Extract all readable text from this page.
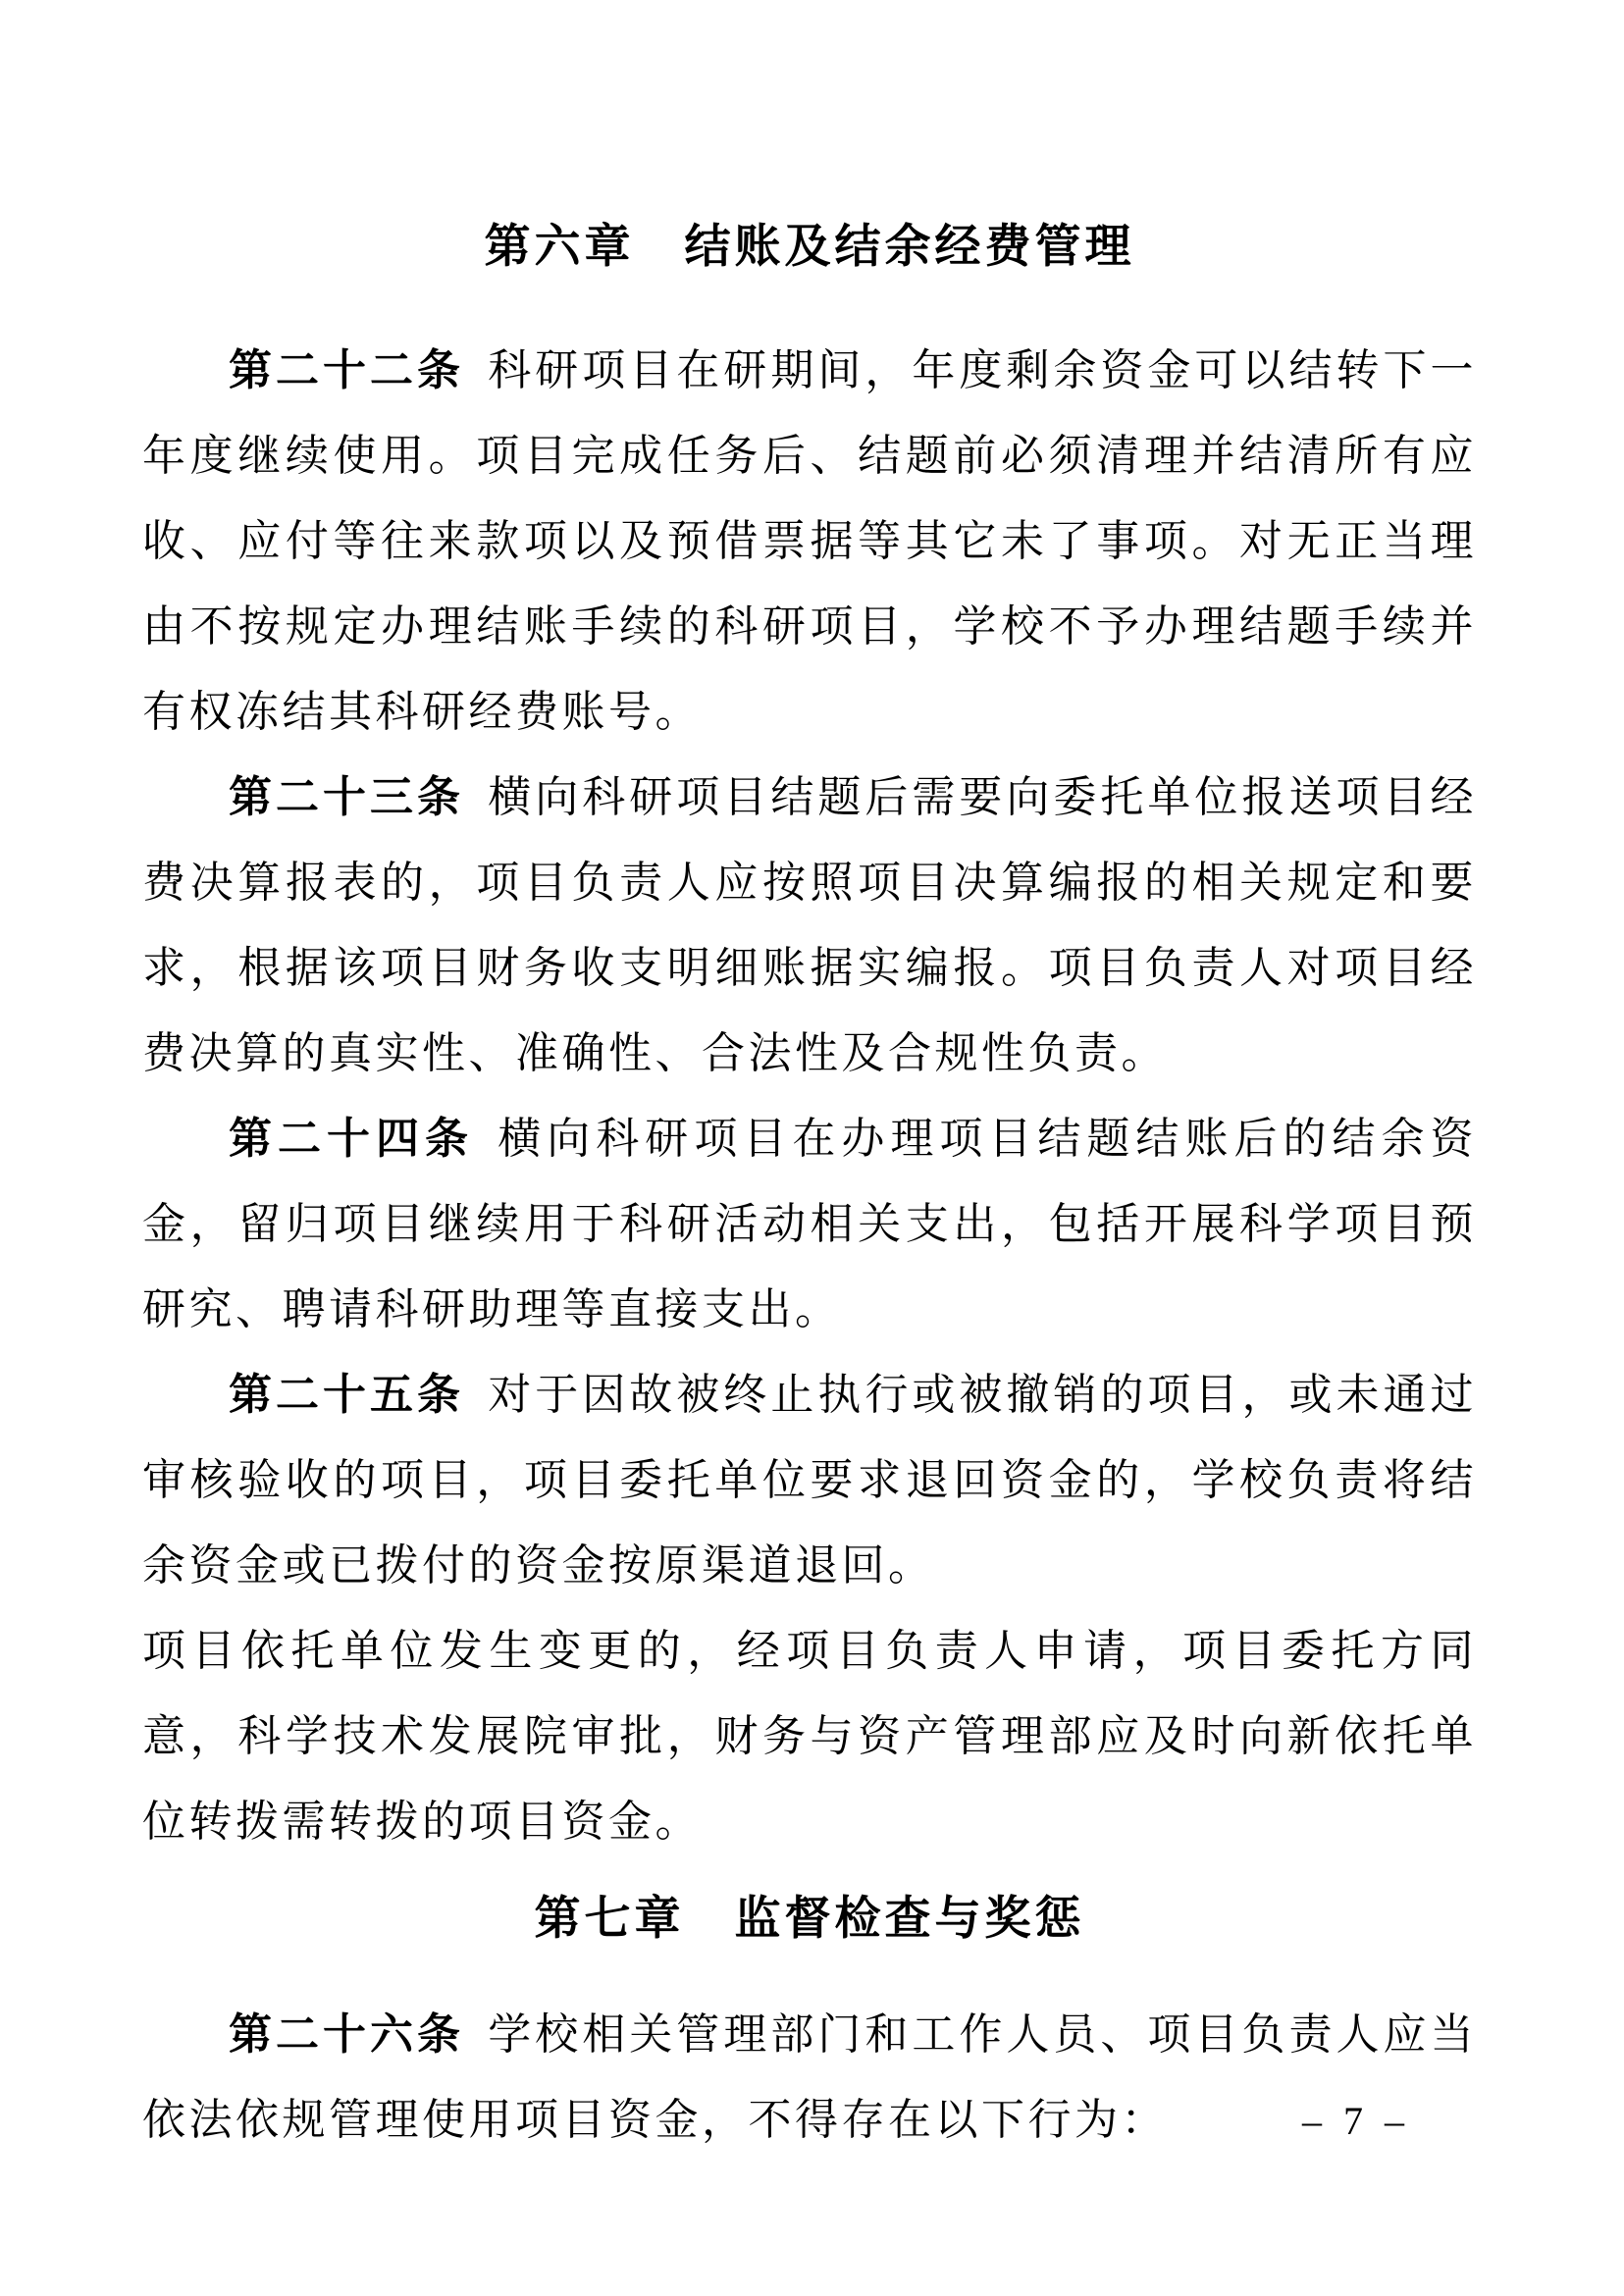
第六章　结账及结余经费管理

第二十二条 科研项目在研期间，年度剩余资金可以结转下一年度继续使用。项目完成任务后、结题前必须清理并结清所有应收、应付等往来款项以及预借票据等其它未了事项。对无正当理由不按规定办理结账手续的科研项目，学校不予办理结题手续并有权冻结其科研经费账号。

第二十三条 横向科研项目结题后需要向委托单位报送项目经费决算报表的，项目负责人应按照项目决算编报的相关规定和要求，根据该项目财务收支明细账据实编报。项目负责人对项目经费决算的真实性、准确性、合法性及合规性负责。

第二十四条 横向科研项目在办理项目结题结账后的结余资金，留归项目继续用于科研活动相关支出，包括开展科学项目预研究、聘请科研助理等直接支出。

第二十五条 对于因故被终止执行或被撤销的项目，或未通过审核验收的项目，项目委托单位要求退回资金的，学校负责将结余资金或已拨付的资金按原渠道退回。

项目依托单位发生变更的，经项目负责人申请，项目委托方同意，科学技术发展院审批，财务与资产管理部应及时向新依托单位转拨需转拨的项目资金。

第七章　监督检查与奖惩

第二十六条 学校相关管理部门和工作人员、项目负责人应当依法依规管理使用项目资金，不得存在以下行为：	– 7 –
